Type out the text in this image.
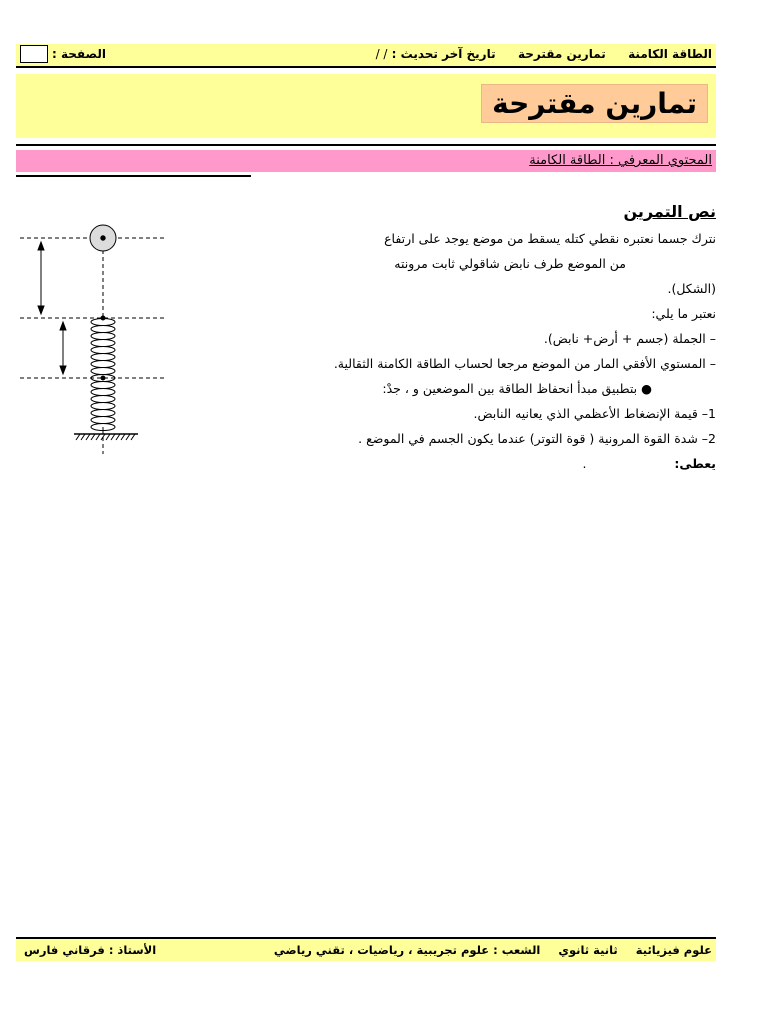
الطاقة الكامنة  تمارين مقترحة  تاريخ آخر تحديث : / /
الصفحة :
تمارين مقترحة
المحتوي المعرفي : الطاقة الكامنة
نص التمرين
نترك جسما نعتبره نقطي كتله يسقط من موضع يوجد على ارتفاع
من الموضع طرف نابض شاقولي ثابت مرونته
(الشكل).
نعتبر ما يلي:
– الجملة (جسم + أرض+ نابض).
– المستوي الأفقي المار من الموضع مرجعا لحساب الطاقة الكامنة الثقالية.
● بتطبيق مبدأ انحفاظ الطاقة بين الموضعين و ، جدْ:
1– قيمة الإنضغاط الأعظمي الذي يعانيه النابض.
2– شدة القوة المرونية ( قوة التوتر) عندما يكون الجسم في الموضع .
يعطى:  .
علوم فيزيائية  ثانية ثانوي  الشعب : علوم تجريبية ، رياضيات ، تقني رياضي
الأستاذ : فرقاني فارس
